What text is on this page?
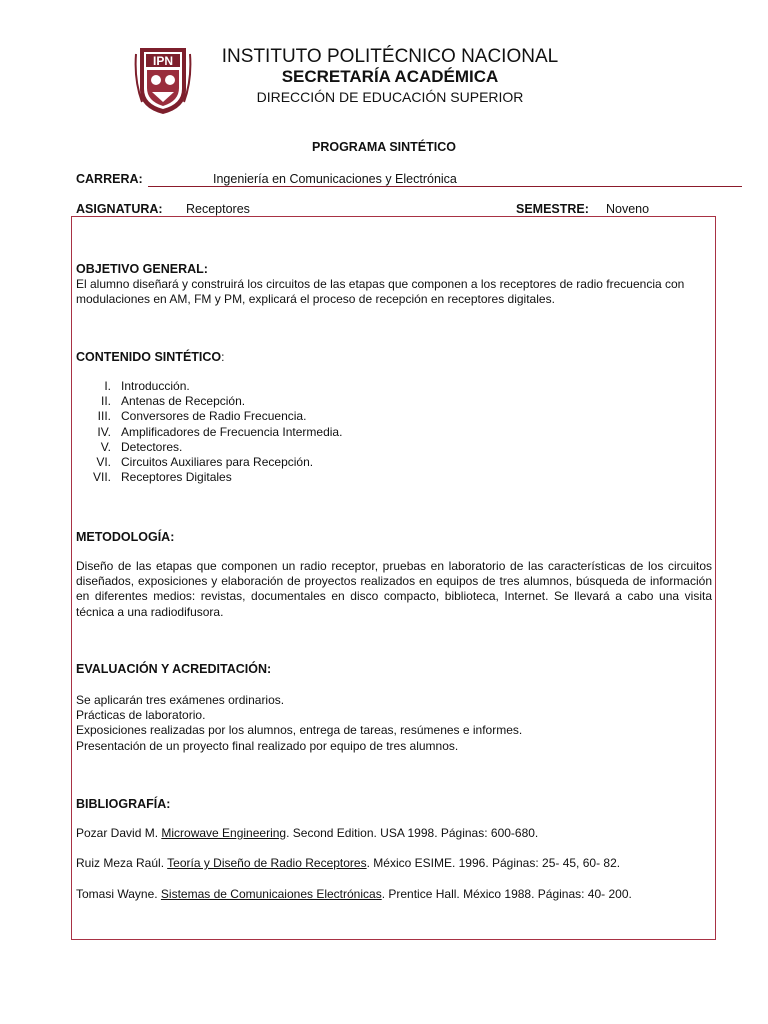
IPN	INSTITUTO POLITÉCNICO NACIONAL
SECRETARÍA ACADÉMICA
DIRECCIÓN DE EDUCACIÓN SUPERIOR
PROGRAMA SINTÉTICO
CARRERA:	Ingeniería en Comunicaciones y Electrónica
ASIGNATURA: Receptores	SEMESTRE: Noveno
OBJETIVO GENERAL:
El alumno diseñará y construirá los circuitos de las etapas que componen a los receptores de radio frecuencia con modulaciones en AM, FM y PM, explicará el proceso de recepción en receptores digitales.
CONTENIDO SINTÉTICO:
I. Introducción.
II. Antenas de Recepción.
III. Conversores de Radio Frecuencia.
IV. Amplificadores de Frecuencia Intermedia.
V. Detectores.
VI. Circuitos Auxiliares para Recepción.
VII. Receptores Digitales
METODOLOGÍA:
Diseño de las etapas que componen un radio receptor, pruebas en laboratorio de las características de los circuitos diseñados, exposiciones y elaboración de proyectos realizados en equipos de tres alumnos, búsqueda de información en diferentes medios: revistas, documentales en disco compacto, biblioteca, Internet. Se llevará a cabo una visita técnica a una radiodifusora.
EVALUACIÓN Y ACREDITACIÓN:
Se aplicarán tres exámenes ordinarios.
Prácticas de laboratorio.
Exposiciones realizadas por los alumnos, entrega de tareas, resúmenes e informes.
Presentación de un proyecto final realizado por equipo de tres alumnos.
BIBLIOGRAFÍA:
Pozar David M. Microwave Engineering. Second Edition. USA 1998. Páginas: 600-680.
Ruiz Meza Raúl. Teoría y Diseño de Radio Receptores. México ESIME. 1996. Páginas: 25- 45, 60- 82.
Tomasi Wayne. Sistemas de Comunicaiones Electrónicas. Prentice Hall. México 1988. Páginas: 40- 200.
